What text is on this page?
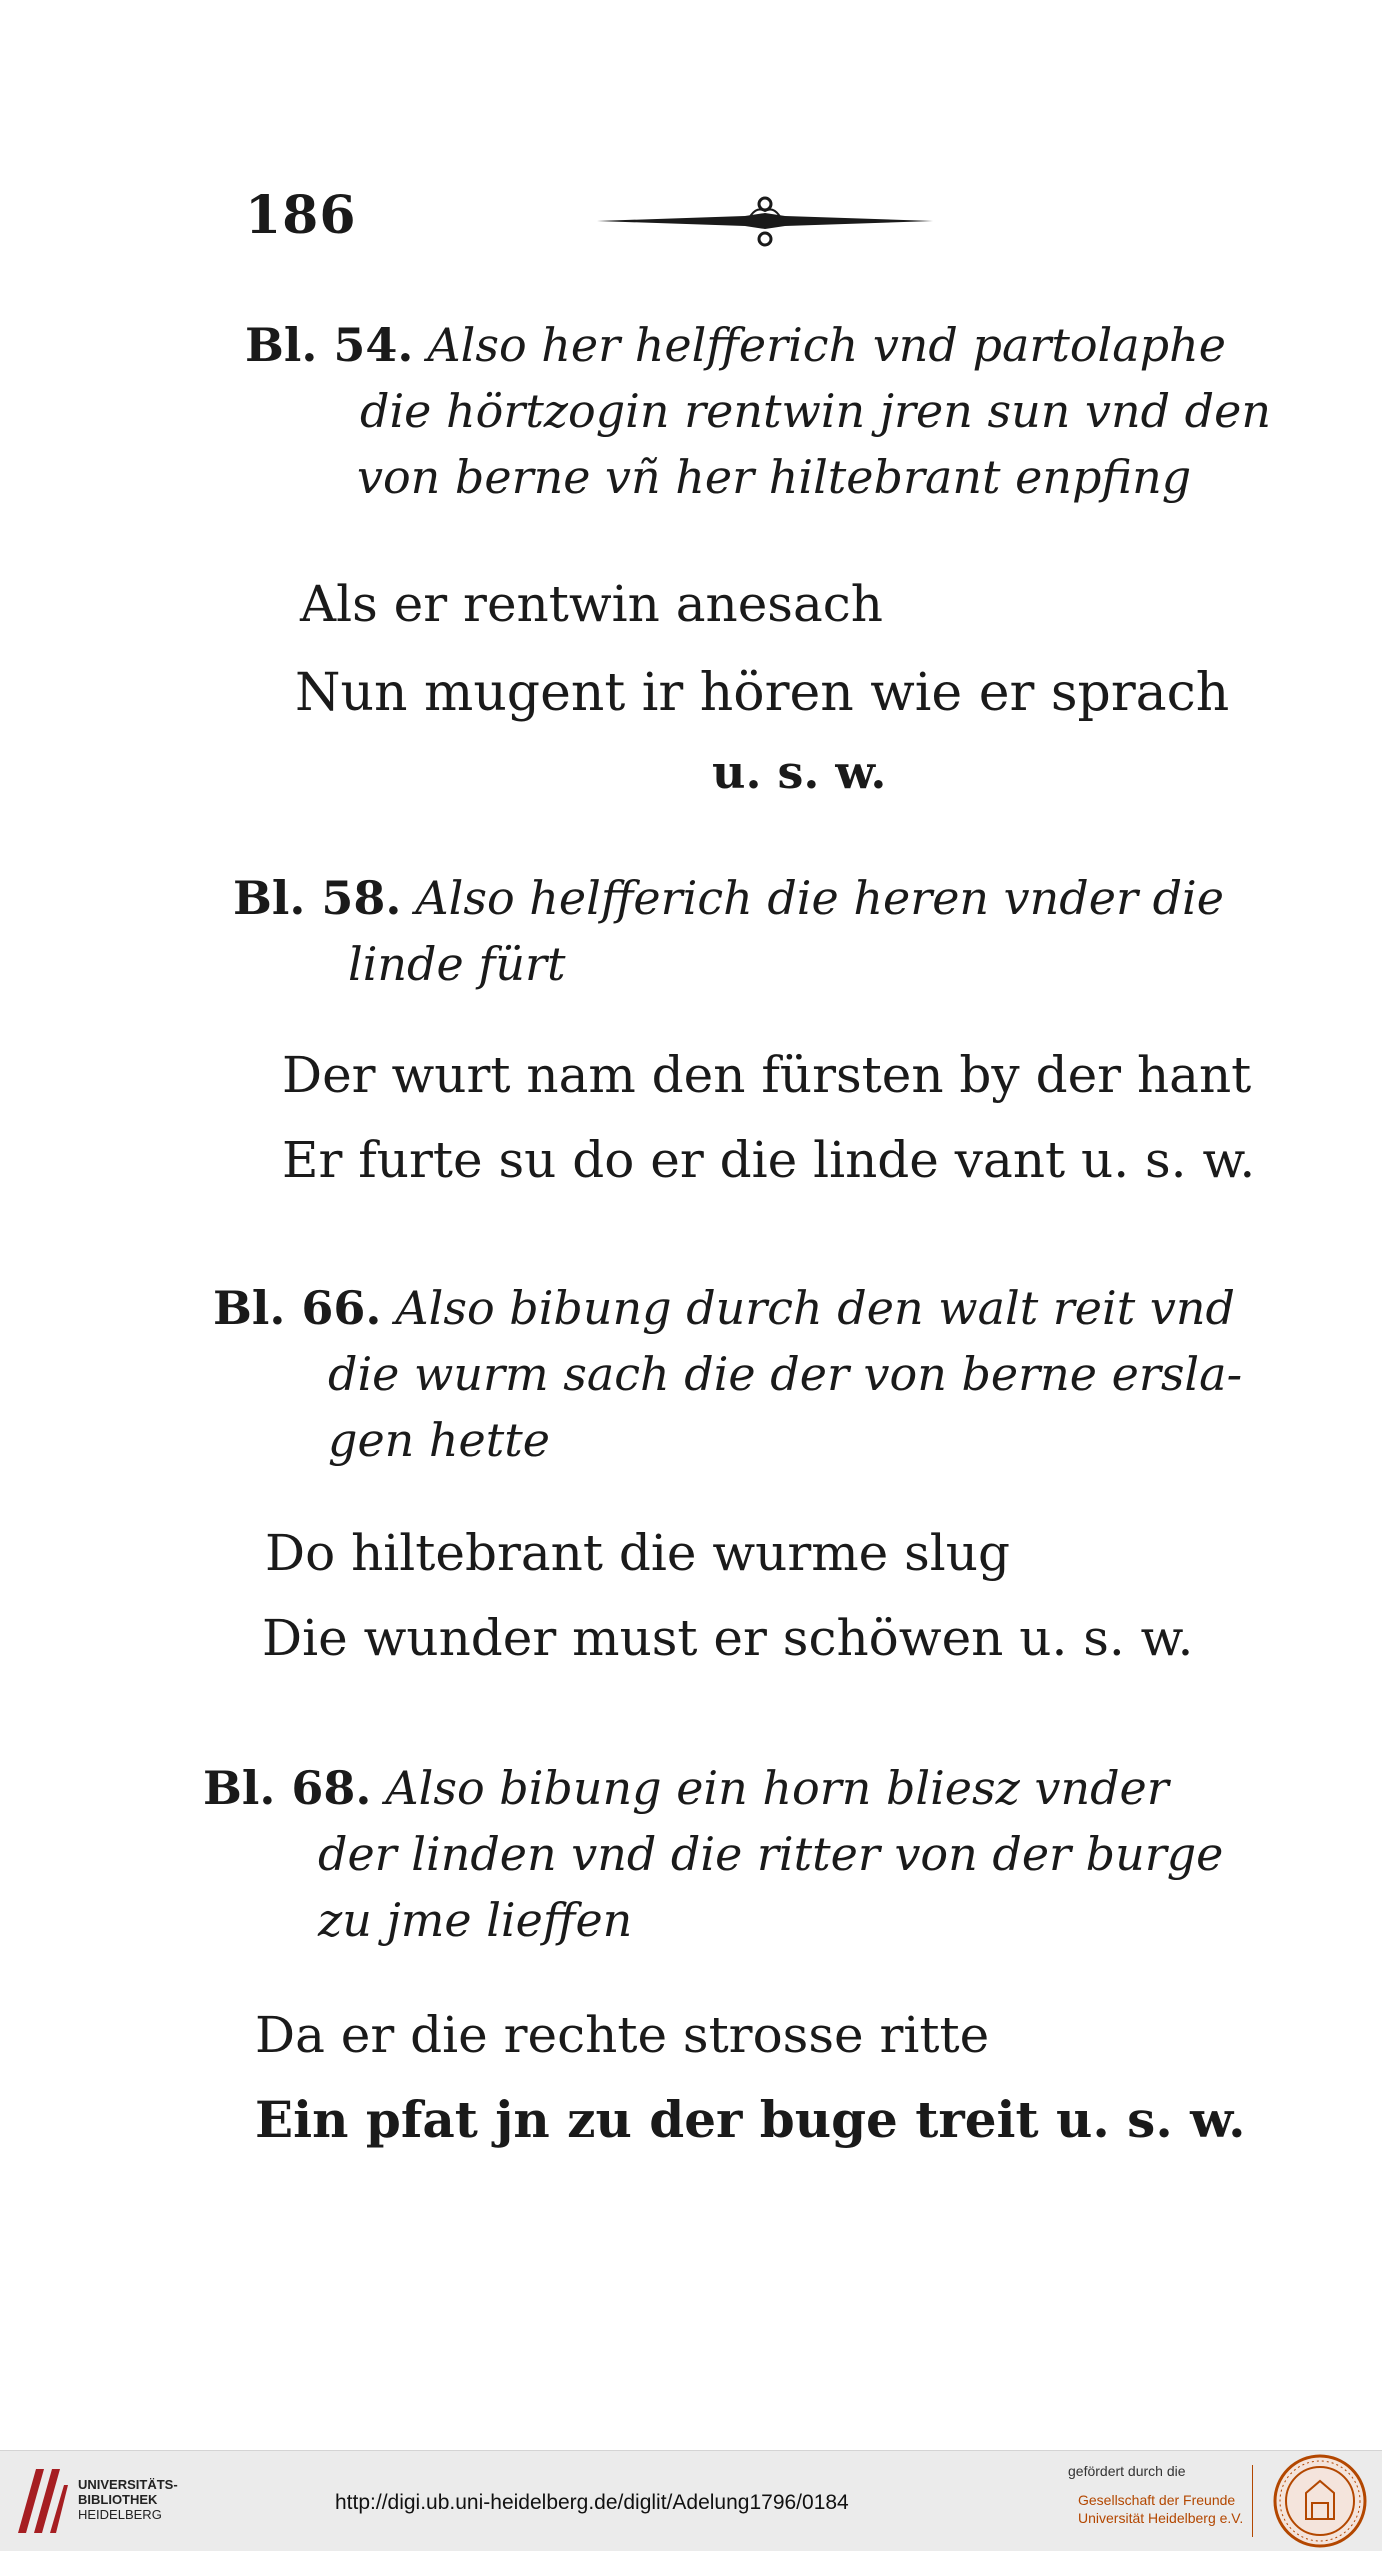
186
Bl. 54. Also her helfferich vnd partolaphe
die hörtzogin rentwin jren sun vnd den
von berne vñ her hiltebrant enpfing
Als er rentwin anesach
Nun mugent ir hören wie er sprach
u. s. w.
Bl. 58. Also helfferich die heren vnder die
linde fürt
Der wurt nam den fürsten by der hant
Er furte su do er die linde vant u. s. w.
Bl. 66. Also bibung durch den walt reit vnd
die wurm sach die der von berne ersla-
gen hette
Do hiltebrant die wurme slug
Die wunder must er schöwen u. s. w.
Bl. 68. Also bibung ein horn bliesz vnder
der linden vnd die ritter von der burge
zu jme lieffen
Da er die rechte strosse ritte
Ein pfat jn zu der buge treit u. s. w.
UNIVERSITÄTS-
BIBLIOTHEK
HEIDELBERG
http://digi.ub.uni-heidelberg.de/diglit/Adelung1796/0184
gefördert durch die
Gesellschaft der Freunde
Universität Heidelberg e.V.
